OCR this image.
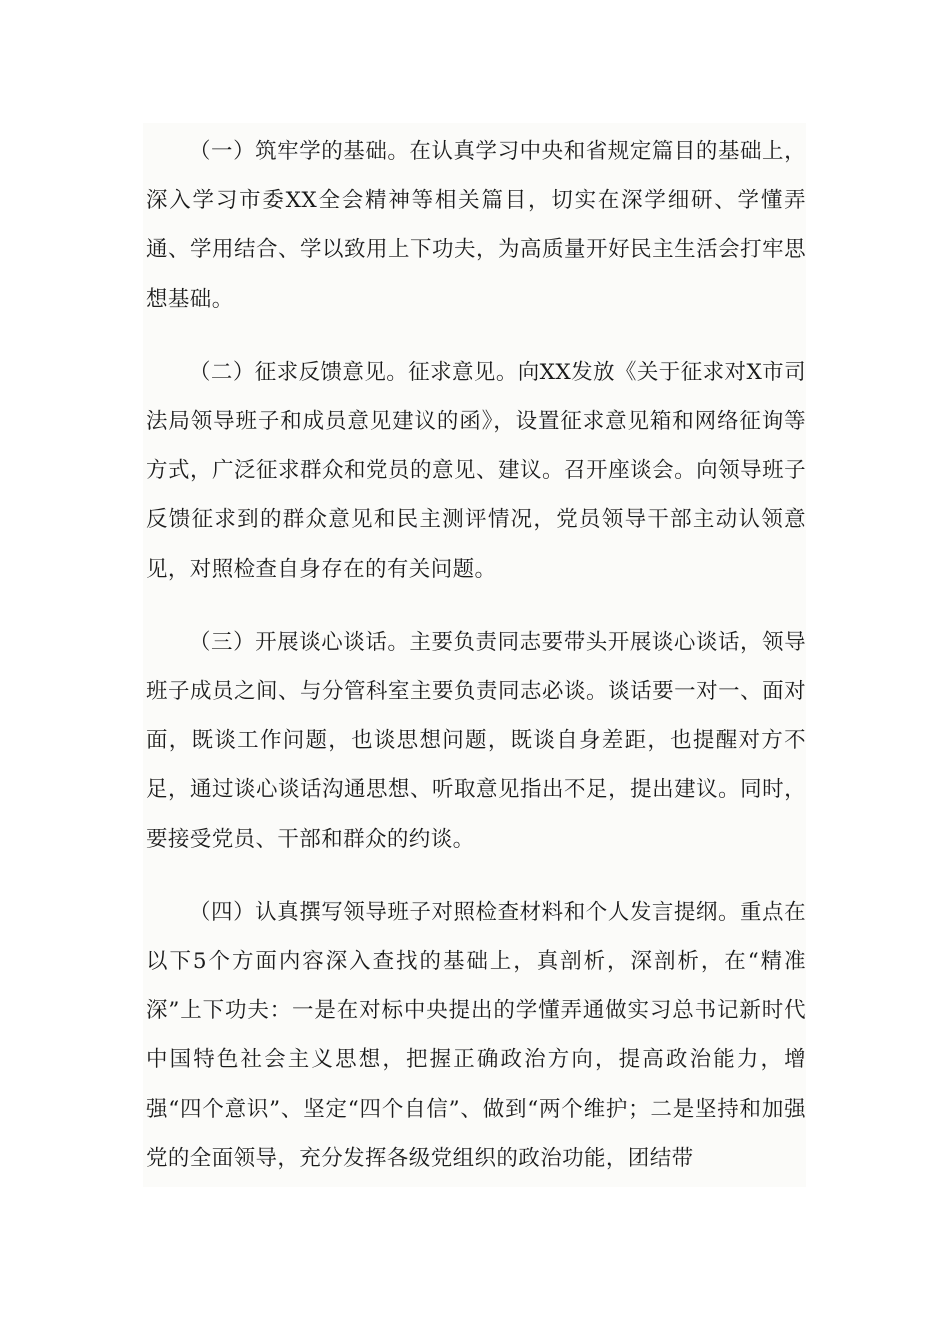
（一）筑牢学的基础。在认真学习中央和省规定篇目的基础上，深入学习市委XX全会精神等相关篇目，切实在深学细研、学懂弄通、学用结合、学以致用上下功夫，为高质量开好民主生活会打牢思想基础。

（二）征求反馈意见。征求意见。向XX发放《关于征求对X市司法局领导班子和成员意见建议的函》，设置征求意见箱和网络征询等方式，广泛征求群众和党员的意见、建议。召开座谈会。向领导班子反馈征求到的群众意见和民主测评情况，党员领导干部主动认领意见，对照检查自身存在的有关问题。

（三）开展谈心谈话。主要负责同志要带头开展谈心谈话，领导班子成员之间、与分管科室主要负责同志必谈。谈话要一对一、面对面，既谈工作问题，也谈思想问题，既谈自身差距，也提醒对方不足，通过谈心谈话沟通思想、听取意见指出不足，提出建议。同时，要接受党员、干部和群众的约谈。

（四）认真撰写领导班子对照检查材料和个人发言提纲。重点在以下5个方面内容深入查找的基础上，真剖析，深剖析，在“精准深”上下功夫：一是在对标中央提出的学懂弄通做实习总书记新时代中国特色社会主义思想，把握正确政治方向，提高政治能力，增强“四个意识”、坚定“四个自信”、做到“两个维护；二是坚持和加强党的全面领导，充分发挥各级党组织的政治功能，团结带
